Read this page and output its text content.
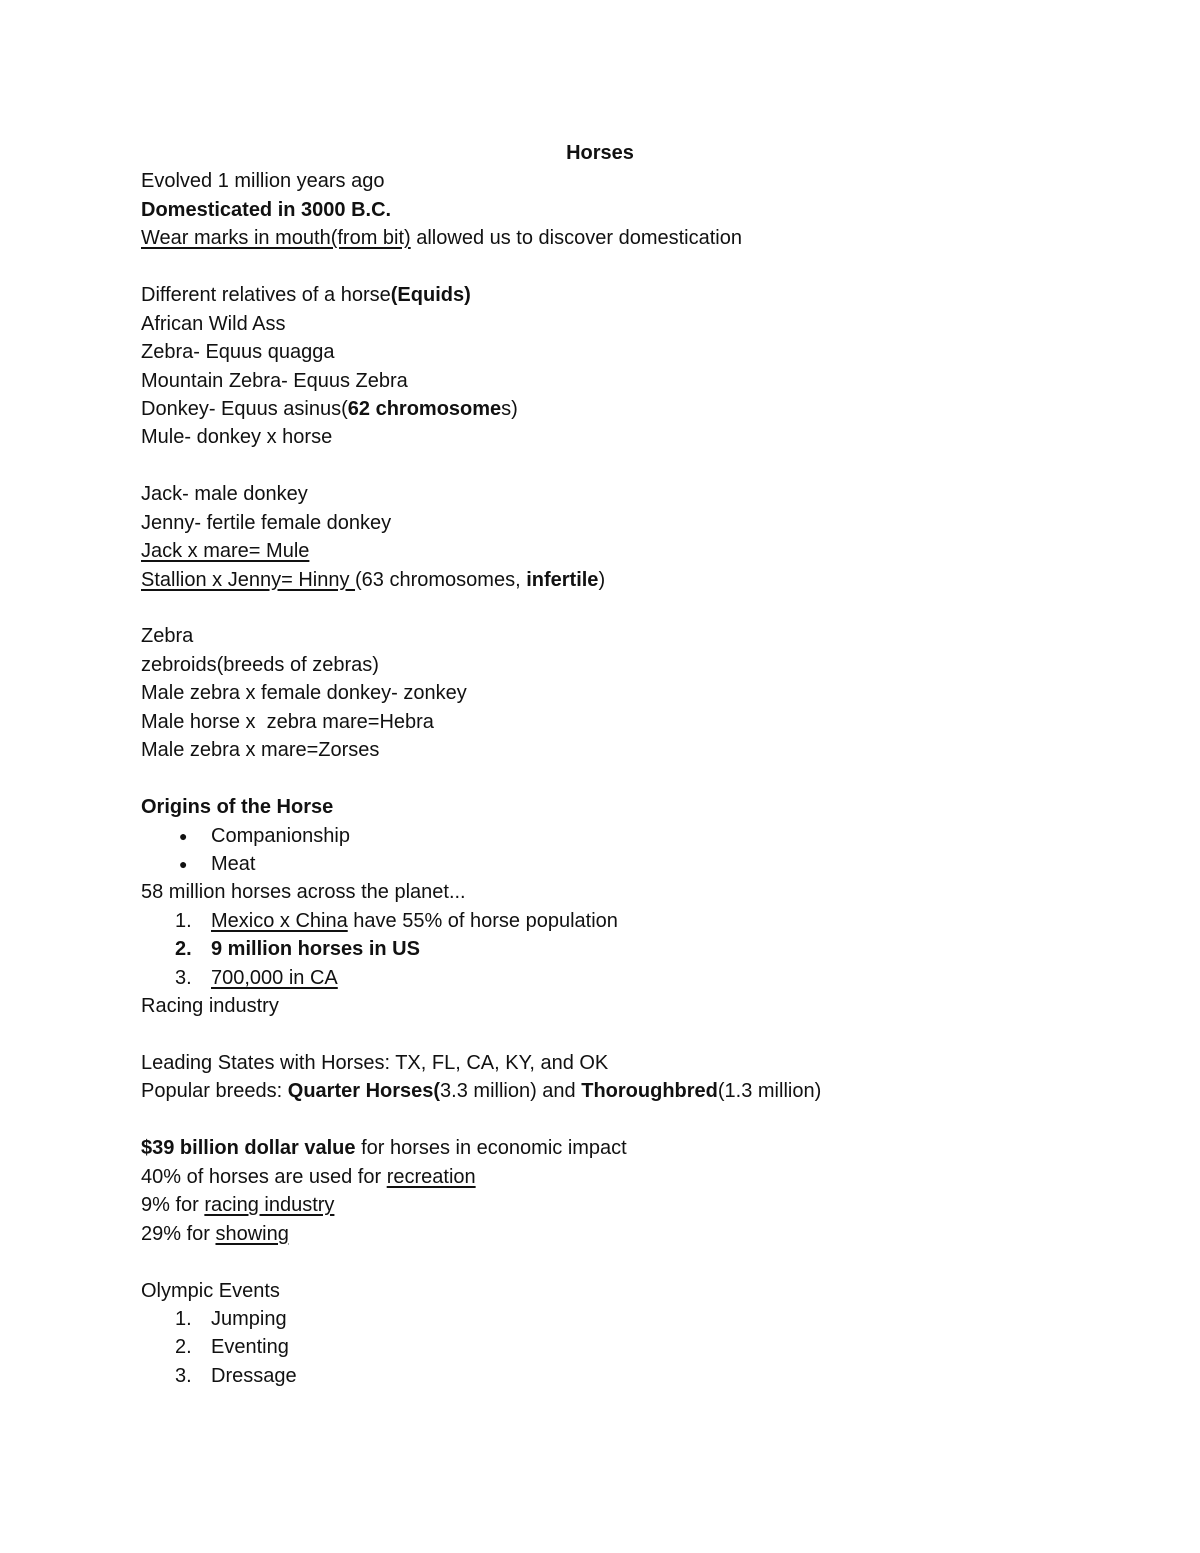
Horses
Evolved 1 million years ago
Domesticated in 3000 B.C.
Wear marks in mouth(from bit) allowed us to discover domestication
Different relatives of a horse(Equids)
African Wild Ass
Zebra- Equus quagga
Mountain Zebra- Equus Zebra
Donkey- Equus asinus(62 chromosomes)
Mule- donkey x horse
Jack- male donkey
Jenny- fertile female donkey
Jack x mare= Mule
Stallion x Jenny= Hinny (63 chromosomes, infertile)
Zebra
zebroids(breeds of zebras)
Male zebra x female donkey- zonkey
Male horse x  zebra mare=Hebra
Male zebra x mare=Zorses
Origins of the Horse
●	Companionship
●	Meat
58 million horses across the planet...
1. Mexico x China have 55% of horse population
2. 9 million horses in US
3. 700,000 in CA
Racing industry
Leading States with Horses: TX, FL, CA, KY, and OK
Popular breeds: Quarter Horses(3.3 million) and Thoroughbred(1.3 million)
$39 billion dollar value for horses in economic impact
40% of horses are used for recreation
9% for racing industry
29% for showing
Olympic Events
1. Jumping
2. Eventing
3. Dressage
